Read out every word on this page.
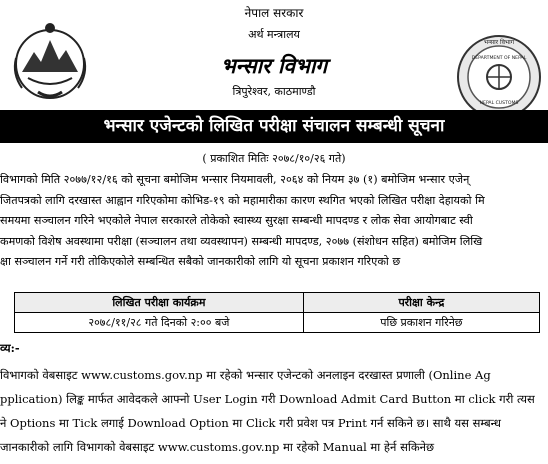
नेपाल सरकार
अर्थ मन्त्रालय
भन्सार विभाग
त्रिपुरेश्वर, काठमाण्डौ
भन्सार विभाग
DEPARTMENT OF NEPAL
NEPAL CUSTOMS
भन्सार एजेन्टको लिखित परीक्षा संचालन सम्बन्धी सूचना
( प्रकाशित मितिः २०७८/१०/२६ गते)
विभागको मिति २०७७/१२/१६ को सूचना बमोजिम भन्सार नियमावली, २०६४ को नियम ३७ (१) बमोजिम भन्सार एजेन्
जितपत्रको लागि दरखास्त आह्वान गरिएकोमा कोभिड-१९ को महामारीका कारण स्थगित भएको लिखित परीक्षा देहायको मि
समयमा सञ्चालन गरिने भएकोले नेपाल सरकारले तोकेको स्वास्थ्य सुरक्षा सम्बन्धी मापदण्ड र लोक सेवा आयोगबाट स्वी
कमणको विशेष अवस्थामा परीक्षा (सञ्चालन तथा व्यवस्थापन) सम्बन्धी मापदण्ड, २०७७ (संशोधन सहित) बमोजिम लिखि
क्षा सञ्चालन गर्ने गरी तोकिएकोले सम्बन्धित सबैको जानकारीको लागि यो सूचना प्रकाशन गरिएको छ
लिखित परीक्षा कार्यक्रम	परीक्षा केन्द्र
२०७८/११/२८ गते दिनको २:०० बजे	पछि प्रकाशन गरिनेछ
व्य:-
विभागको वेबसाइट www.customs.gov.np मा रहेको भन्सार एजेन्टको अनलाइन दरखास्त प्रणाली (Online Ag
pplication) लिङ्क मार्फत आवेदकले आफ्नो User Login गरी Download Admit Card Button मा click गरी त्यस
ने Options मा Tick लगाई Download Option मा Click गरी प्रवेश पत्र Print गर्न सकिने छ। साथै यस सम्बन्ध
जानकारीको लागि विभागको वेबसाइट www.customs.gov.np मा रहेको Manual मा हेर्न सकिनेछ
